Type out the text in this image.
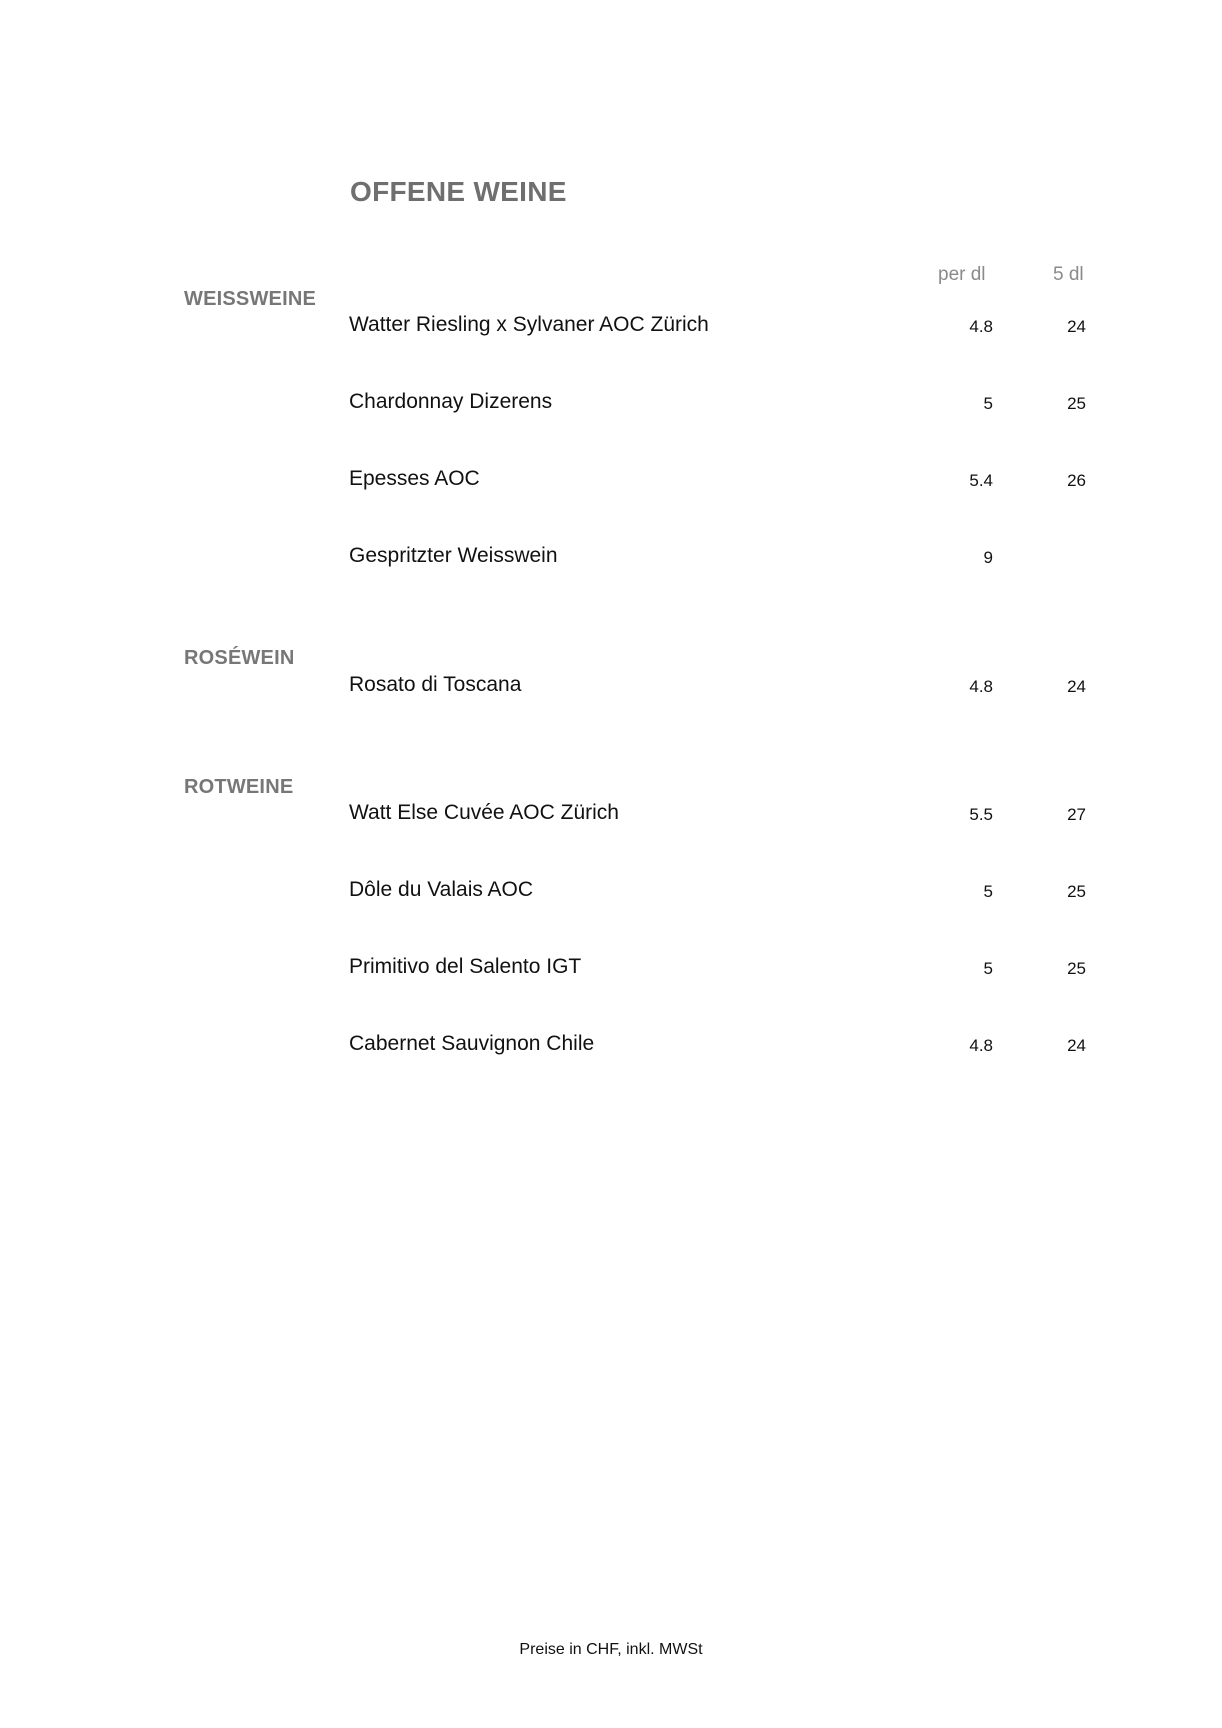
OFFENE WEINE
per dl	5 dl
WEISSWEINE
Watter Riesling x Sylvaner AOC Zürich	4.8	24
Chardonnay Dizerens	5	25
Epesses AOC	5.4	26
Gespritzter Weisswein	9
ROSÉWEIN
Rosato di Toscana	4.8	24
ROTWEINE
Watt Else Cuvée AOC Zürich	5.5	27
Dôle du Valais AOC	5	25
Primitivo del Salento IGT	5	25
Cabernet Sauvignon Chile	4.8	24
Preise in CHF, inkl. MWSt
